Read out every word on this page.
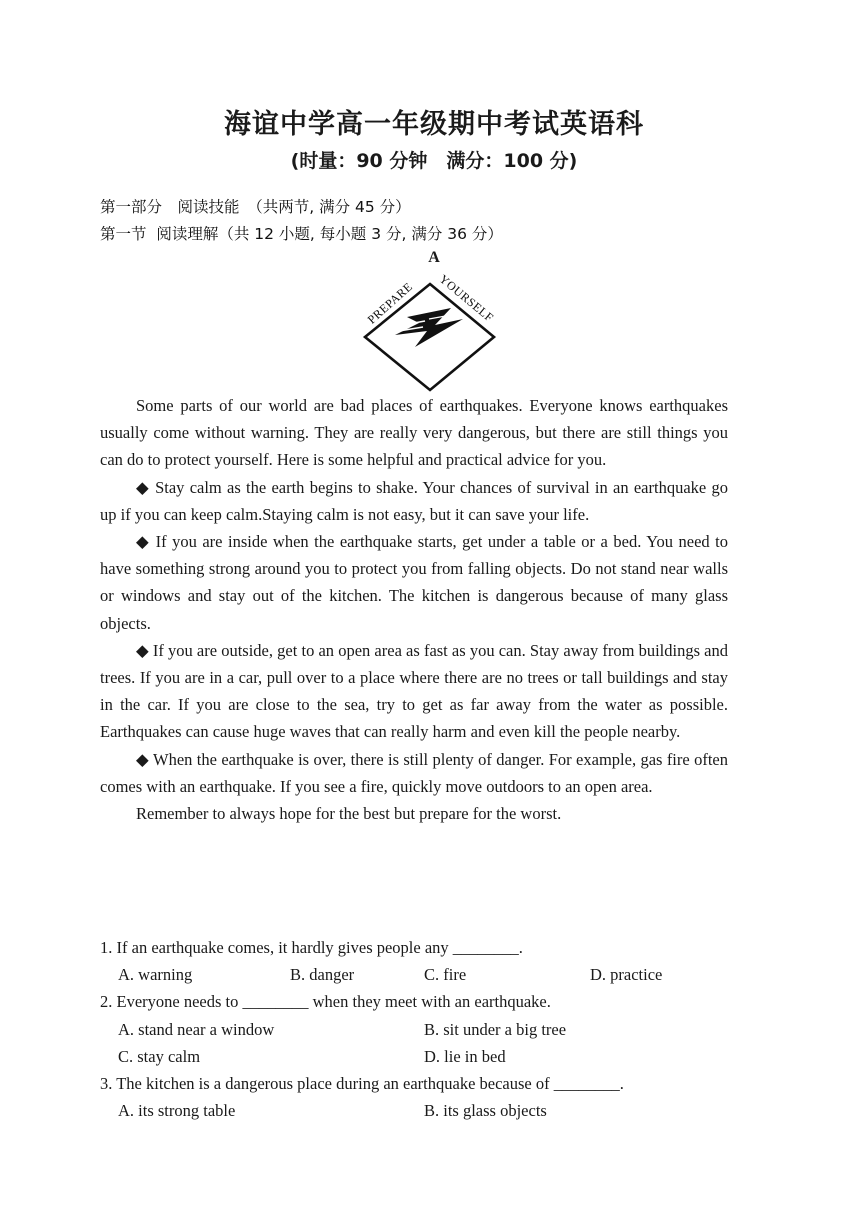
海谊中学高一年级期中考试英语科
(时量：90 分钟　满分：100 分)
第一部分　阅读技能　（共两节, 满分 45 分）
第一节  阅读理解（共 12 小题, 每小题 3 分, 满分 36 分）
A
PREPARE YOURSELF

Some parts of our world are bad places of earthquakes. Everyone knows earthquakes usually come without warning. They are really very dangerous, but there are still things you can do to protect yourself. Here is some helpful and practical advice for you.

◆ Stay calm as the earth begins to shake. Your chances of survival in an earthquake go up if you can keep calm.Staying calm is not easy, but it can save your life.

◆ If you are inside when the earthquake starts, get under a table or a bed. You need to have something strong around you to protect you from falling objects. Do not stand near walls or windows and stay out of the kitchen. The kitchen is dangerous because of many glass objects.

◆ If you are outside, get to an open area as fast as you can. Stay away from buildings and trees. If you are in a car, pull over to a place where there are no trees or tall buildings and stay in the car. If you are close to the sea, try to get as far away from the water as possible. Earthquakes can cause huge waves that can really harm and even kill the people nearby.

◆ When the earthquake is over, there is still plenty of danger. For example, gas fire often comes with an earthquake. If you see a fire, quickly move outdoors to an open area.

Remember to always hope for the best but prepare for the worst.

1. If an earthquake comes, it hardly gives people any ________.
A. warning	B. danger	C. fire	D. practice
2. Everyone needs to ________ when they meet with an earthquake.
A. stand near a window	B. sit under a big tree
C. stay calm	D. lie in bed
3. The kitchen is a dangerous place during an earthquake because of ________.
A. its strong table	B. its glass objects
